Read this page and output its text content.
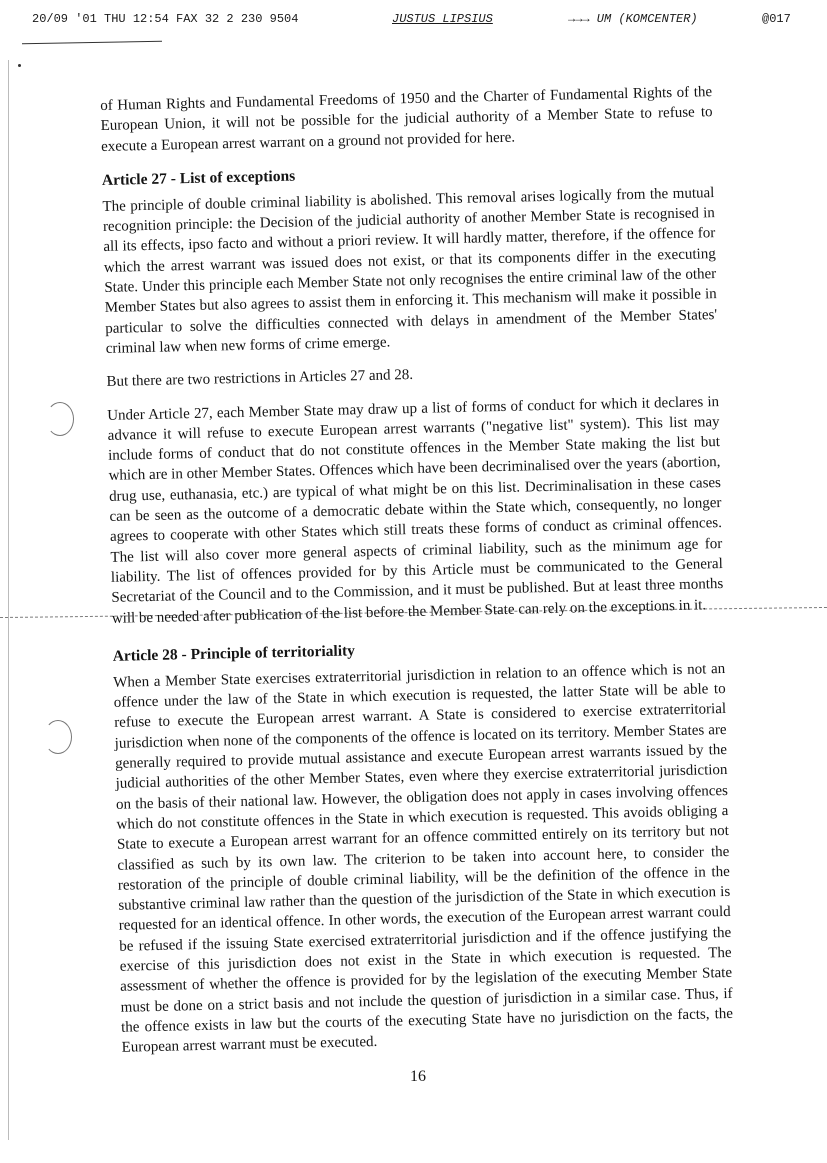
20/09 '01 THU 12:54 FAX 32 2 230 9504	JUSTUS LIPSIUS	→→→ UM (KOMCENTER)	@017

of Human Rights and Fundamental Freedoms of 1950 and the Charter of Fundamental Rights of the European Union, it will not be possible for the judicial authority of a Member State to refuse to execute a European arrest warrant on a ground not provided for here.

Article 27 - List of exceptions

The principle of double criminal liability is abolished. This removal arises logically from the mutual recognition principle: the Decision of the judicial authority of another Member State is recognised in all its effects, ipso facto and without a priori review. It will hardly matter, therefore, if the offence for which the arrest warrant was issued does not exist, or that its components differ in the executing State. Under this principle each Member State not only recognises the entire criminal law of the other Member States but also agrees to assist them in enforcing it. This mechanism will make it possible in particular to solve the difficulties connected with delays in amendment of the Member States' criminal law when new forms of crime emerge.

But there are two restrictions in Articles 27 and 28.

Under Article 27, each Member State may draw up a list of forms of conduct for which it declares in advance it will refuse to execute European arrest warrants ("negative list" system). This list may include forms of conduct that do not constitute offences in the Member State making the list but which are in other Member States. Offences which have been decriminalised over the years (abortion, drug use, euthanasia, etc.) are typical of what might be on this list. Decriminalisation in these cases can be seen as the outcome of a democratic debate within the State which, consequently, no longer agrees to cooperate with other States which still treats these forms of conduct as criminal offences. The list will also cover more general aspects of criminal liability, such as the minimum age for liability. The list of offences provided for by this Article must be communicated to the General Secretariat of the Council and to the Commission, and it must be published. But at least three months will be needed after publication of the list before the Member State can rely on the exceptions in it.

Article 28 - Principle of territoriality

When a Member State exercises extraterritorial jurisdiction in relation to an offence which is not an offence under the law of the State in which execution is requested, the latter State will be able to refuse to execute the European arrest warrant. A State is considered to exercise extraterritorial jurisdiction when none of the components of the offence is located on its territory. Member States are generally required to provide mutual assistance and execute European arrest warrants issued by the judicial authorities of the other Member States, even where they exercise extraterritorial jurisdiction on the basis of their national law. However, the obligation does not apply in cases involving offences which do not constitute offences in the State in which execution is requested. This avoids obliging a State to execute a European arrest warrant for an offence committed entirely on its territory but not classified as such by its own law. The criterion to be taken into account here, to consider the restoration of the principle of double criminal liability, will be the definition of the offence in the substantive criminal law rather than the question of the jurisdiction of the State in which execution is requested for an identical offence. In other words, the execution of the European arrest warrant could be refused if the issuing State exercised extraterritorial jurisdiction and if the offence justifying the exercise of this jurisdiction does not exist in the State in which execution is requested. The assessment of whether the offence is provided for by the legislation of the executing Member State must be done on a strict basis and not include the question of jurisdiction in a similar case. Thus, if the offence exists in law but the courts of the executing State have no jurisdiction on the facts, the European arrest warrant must be executed.

16
